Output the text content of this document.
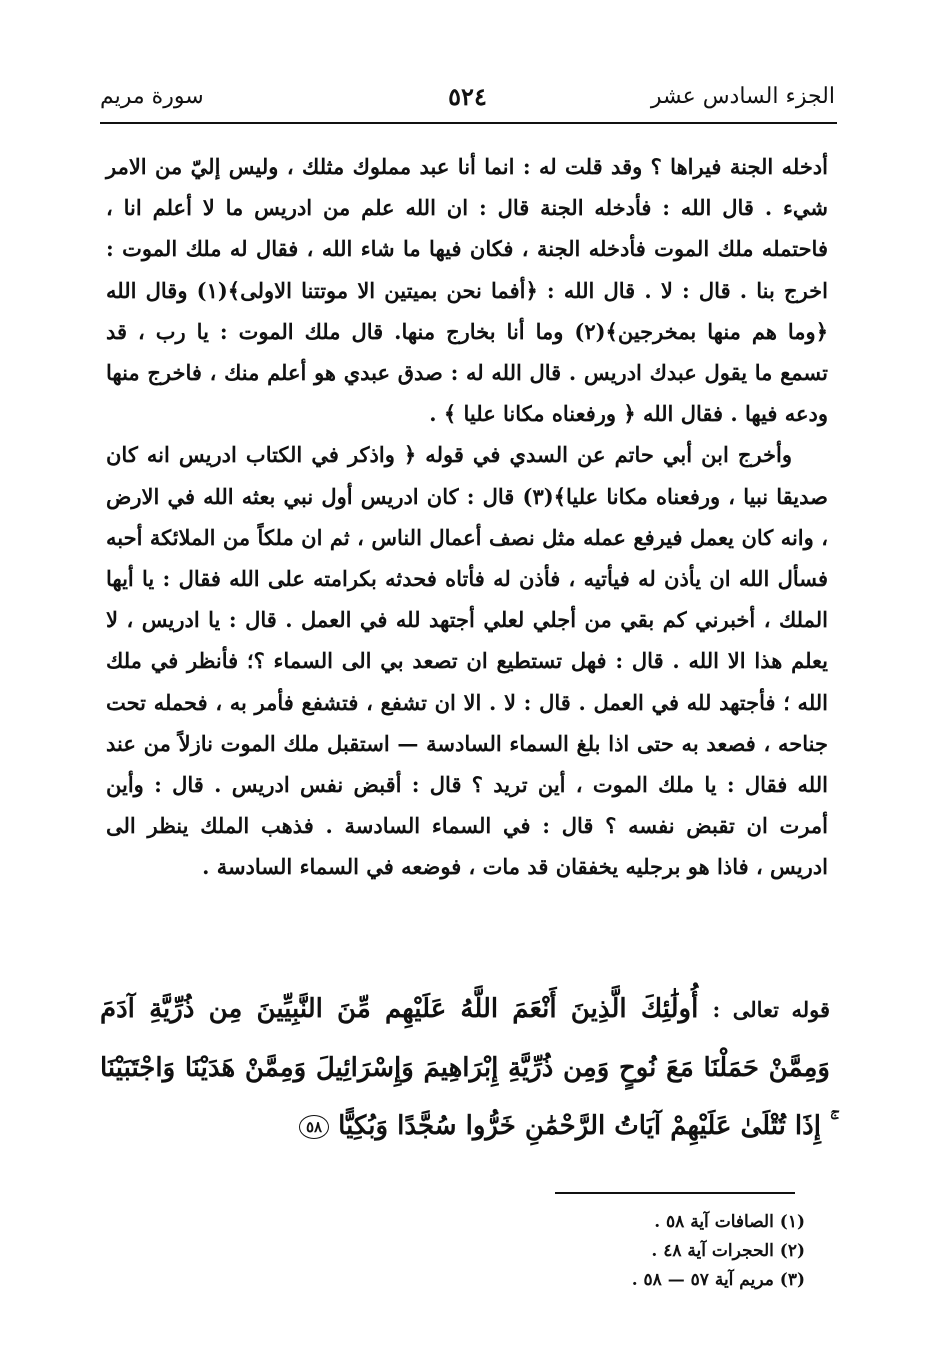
الجزء السادس عشر
٥٢٤
سورة مريم

أدخله الجنة فيراها ؟ وقد قلت له : انما أنا عبد مملوك مثلك ، وليس إليّ من الامر شيء . قال الله : فأدخله الجنة قال : ان الله علم من ادريس ما لا أعلم انا ، فاحتمله ملك الموت فأدخله الجنة ، فكان فيها ما شاء الله ، فقال له ملك الموت : اخرج بنا . قال : لا . قال الله : ﴿أفما نحن بميتين الا موتتنا الاولى﴾(١) وقال الله ﴿وما هم منها بمخرجين﴾(٢) وما أنا بخارج منها. قال ملك الموت : يا رب ، قد تسمع ما يقول عبدك ادريس . قال الله له : صدق عبدي هو أعلم منك ، فاخرج منها ودعه فيها . فقال الله ﴿ ورفعناه مكانا عليا ﴾ .

وأخرج ابن أبي حاتم عن السدي في قوله ﴿ واذكر في الكتاب ادريس انه كان صديقا نبيا ، ورفعناه مكانا عليا﴾(٣) قال : كان ادريس أول نبي بعثه الله في الارض ، وانه كان يعمل فيرفع عمله مثل نصف أعمال الناس ، ثم ان ملكاً من الملائكة أحبه فسأل الله ان يأذن له فيأتيه ، فأذن له فأتاه فحدثه بكرامته على الله فقال : يا أيها الملك ، أخبرني كم بقي من أجلي لعلي أجتهد لله في العمل . قال : يا ادريس ، لا يعلم هذا الا الله . قال : فهل تستطيع ان تصعد بي الى السماء ؟؛ فأنظر في ملك الله ؛ فأجتهد لله في العمل . قال : لا . الا ان تشفع ، فتشفع فأمر به ، فحمله تحت جناحه ، فصعد به حتى اذا بلغ السماء السادسة — استقبل ملك الموت نازلاً من عند الله فقال : يا ملك الموت ، أين تريد ؟ قال : أقبض نفس ادريس . قال : وأين أمرت ان تقبض نفسه ؟ قال : في السماء السادسة . فذهب الملك ينظر الى ادريس ، فاذا هو برجليه يخفقان قد مات ، فوضعه في السماء السادسة .

قوله تعالى : أُولَٰئِكَ الَّذِينَ أَنْعَمَ اللَّهُ عَلَيْهِم مِّنَ النَّبِيِّينَ مِن ذُرِّيَّةِ آدَمَ وَمِمَّنْ حَمَلْنَا مَعَ نُوحٍ وَمِن ذُرِّيَّةِ إِبْرَاهِيمَ وَإِسْرَائِيلَ وَمِمَّنْ هَدَيْنَا وَاجْتَبَيْنَا ۚ إِذَا تُتْلَىٰ عَلَيْهِمْ آيَاتُ الرَّحْمَٰنِ خَرُّوا سُجَّدًا وَبُكِيًّا ٥٨
(١) الصافات آية ٥٨ .
(٢) الحجرات آية ٤٨ .
(٣) مريم آية ٥٧ — ٥٨ .
